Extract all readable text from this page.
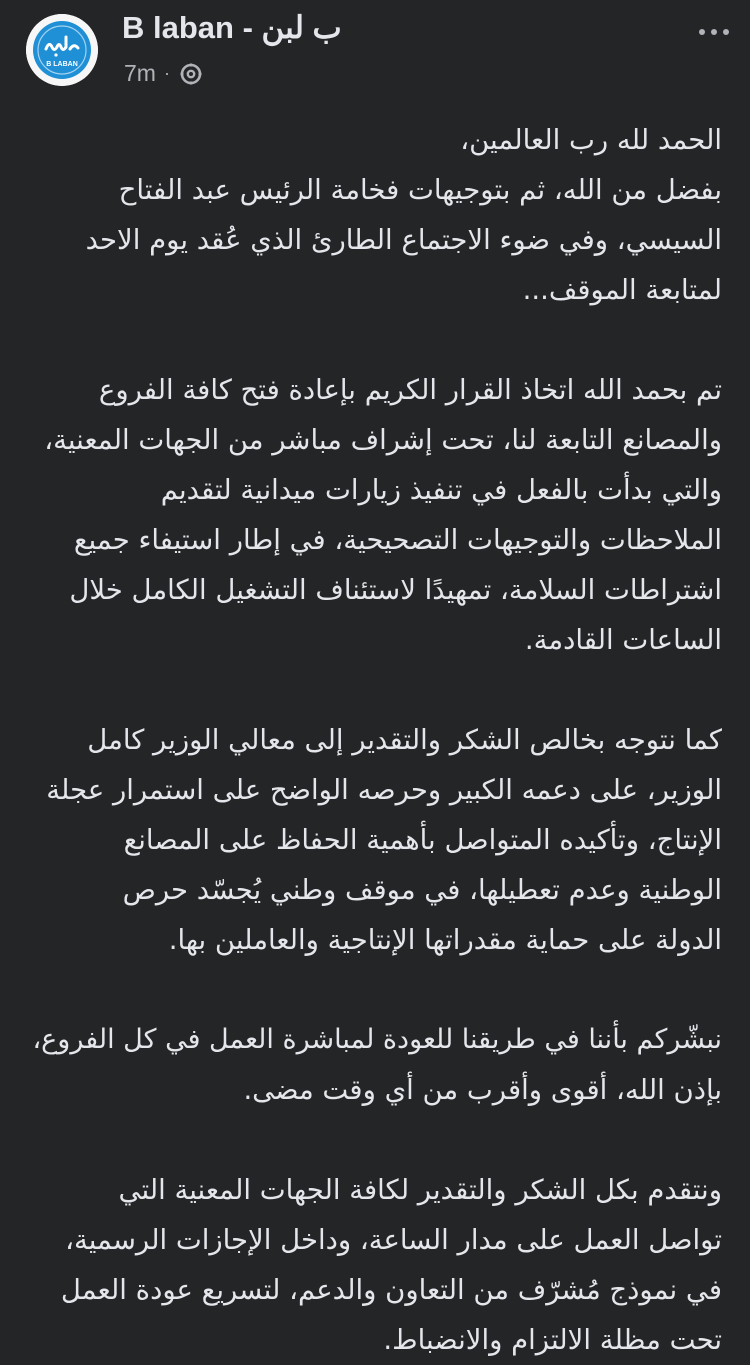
B LABAN
B laban - ب لبن
7m ·

الحمد لله رب العالمين،
بفضل من الله، ثم بتوجيهات فخامة الرئيس عبد الفتاح
السيسي، وفي ضوء الاجتماع الطارئ الذي عُقد يوم الاحد
لمتابعة الموقف...

تم بحمد الله اتخاذ القرار الكريم بإعادة فتح كافة الفروع
والمصانع التابعة لنا، تحت إشراف مباشر من الجهات المعنية،
والتي بدأت بالفعل في تنفيذ زيارات ميدانية لتقديم
الملاحظات والتوجيهات التصحيحية، في إطار استيفاء جميع
اشتراطات السلامة، تمهيدًا لاستئناف التشغيل الكامل خلال
الساعات القادمة.

كما نتوجه بخالص الشكر والتقدير إلى معالي الوزير كامل
الوزير، على دعمه الكبير وحرصه الواضح على استمرار عجلة
الإنتاج، وتأكيده المتواصل بأهمية الحفاظ على المصانع
الوطنية وعدم تعطيلها، في موقف وطني يُجسّد حرص
الدولة على حماية مقدراتها الإنتاجية والعاملين بها.

نبشّركم بأننا في طريقنا للعودة لمباشرة العمل في كل الفروع،
بإذن الله، أقوى وأقرب من أي وقت مضى.

ونتقدم بكل الشكر والتقدير لكافة الجهات المعنية التي
تواصل العمل على مدار الساعة، وداخل الإجازات الرسمية،
في نموذج مُشرّف من التعاون والدعم، لتسريع عودة العمل
تحت مظلة الالتزام والانضباط.
